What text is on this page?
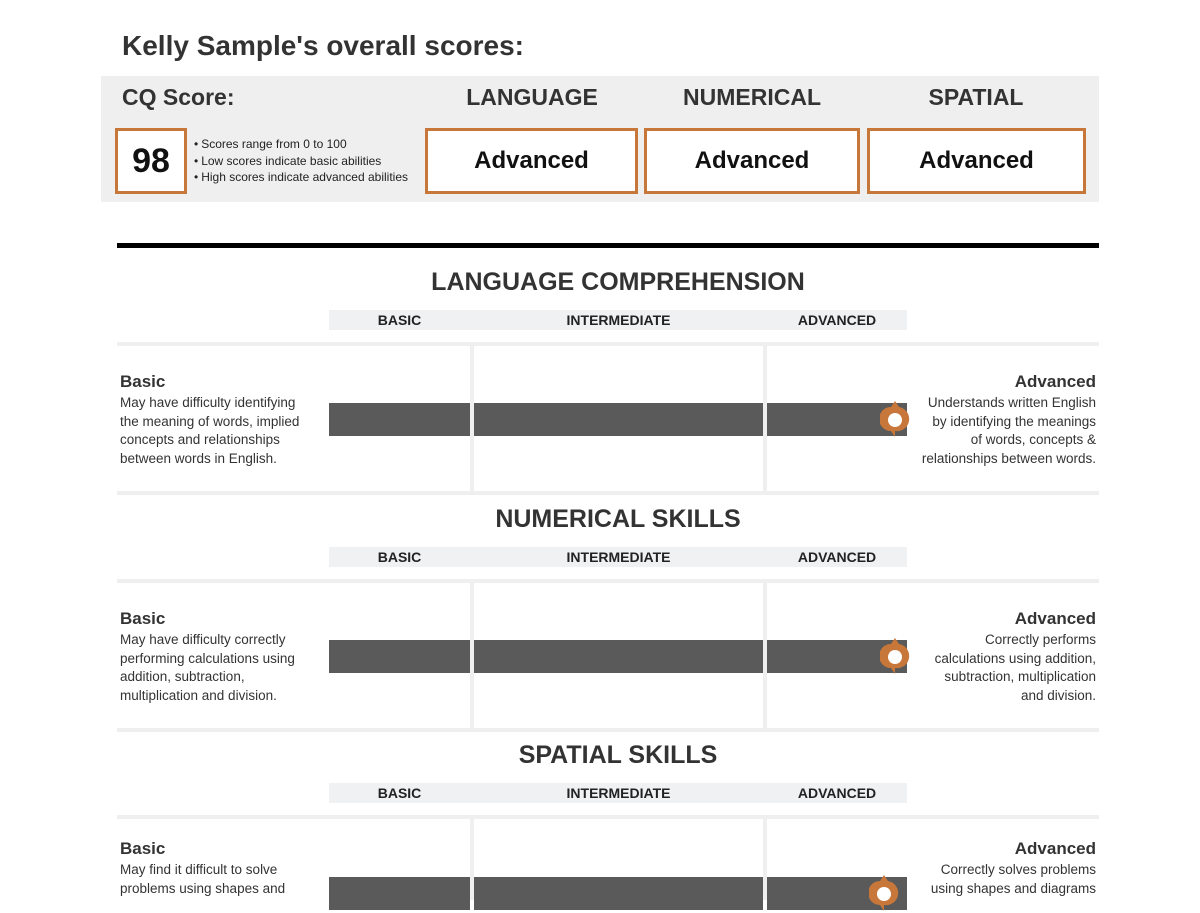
Kelly Sample's overall scores:
CQ Score:	LANGUAGE	NUMERICAL	SPATIAL
98
•	Scores range from 0 to 100
• Low scores indicate basic abilities
• High scores indicate advanced abilities
Advanced	Advanced	Advanced
LANGUAGE COMPREHENSION
BASIC	INTERMEDIATE	ADVANCED
Basic
May have difficulty identifying
the meaning of words, implied
concepts and relationships
between words in English.
Advanced
Understands written English
by identifying the meanings
of words, concepts &
relationships between words.
NUMERICAL SKILLS
BASIC	INTERMEDIATE	ADVANCED
Basic
May have difficulty correctly
performing calculations using
addition, subtraction,
multiplication and division.
Advanced
Correctly performs
calculations using addition,
subtraction, multiplication
and division.
SPATIAL SKILLS
BASIC	INTERMEDIATE	ADVANCED
Basic
May find it difficult to solve
problems using shapes and
Advanced
Correctly solves problems
using shapes and diagrams
